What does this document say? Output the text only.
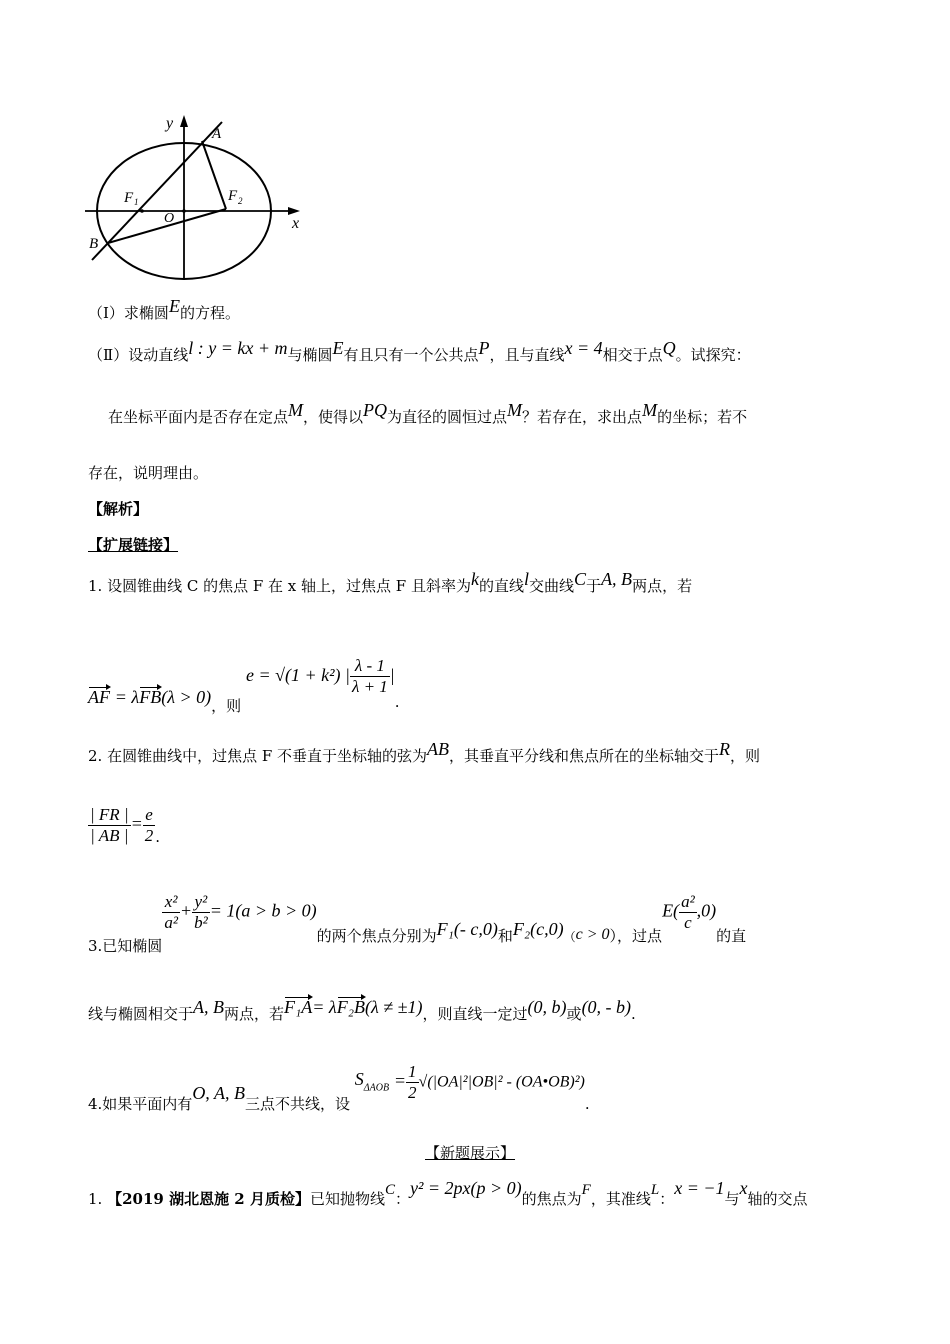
y
x
A
B
F 1	F 2
O
（Ⅰ）求椭圆E的方程。
（Ⅱ）设动直线l : y = kx + m与椭圆E有且只有一个公共点P，且与直线x = 4相交于点Q。试探究：
在坐标平面内是否存在定点M，使得以PQ为直径的圆恒过点M？若存在，求出点M的坐标；若不
存在，说明理由。
【解析】
【扩展链接】
1. 设圆锥曲线 C 的焦点 F 在 x 轴上，过焦点 F 且斜率为k的直线l交曲线C于A, B两点，若
AF = λFB(λ > 0)，则 e = √(1 + k²) | $\frac{\lambda - 1}{\lambda + 1}$ |.
2. 在圆锥曲线中，过焦点 F 不垂直于坐标轴的弦为AB，其垂直平分线和焦点所在的坐标轴交于R，则
$\frac{| FR |}{| AB |} = \frac{e}{2}$ .
3.已知椭圆
$\frac{\text{x²}}{\text{a²}} + \frac{\text{y²}}{\text{b²}} = 1(a > b > 0)$的两个焦点分别为F₁(- c,0)和$F_2(c,0)_(c > 0$），过点$E( \frac{\text{a²}}{c} ,0)$的直
线与椭圆相交于A, B两点，若F₁A= λF₂B(λ ≠ ±1)，则直线一定过(0, b)或(0, - b).
4.如果平面内有O, A, B三点不共线，设 $S_{\Delta AOB} = \frac{1}{2} √(|OA|^2|OB|^2$ - (OA•OB)²).
【新题展示】
1. 【2019 湖北恩施 2 月质检】已知抛物线C：y² = 2px(p > 0)的焦点为F，其准线L：x = −1与x轴的交点
